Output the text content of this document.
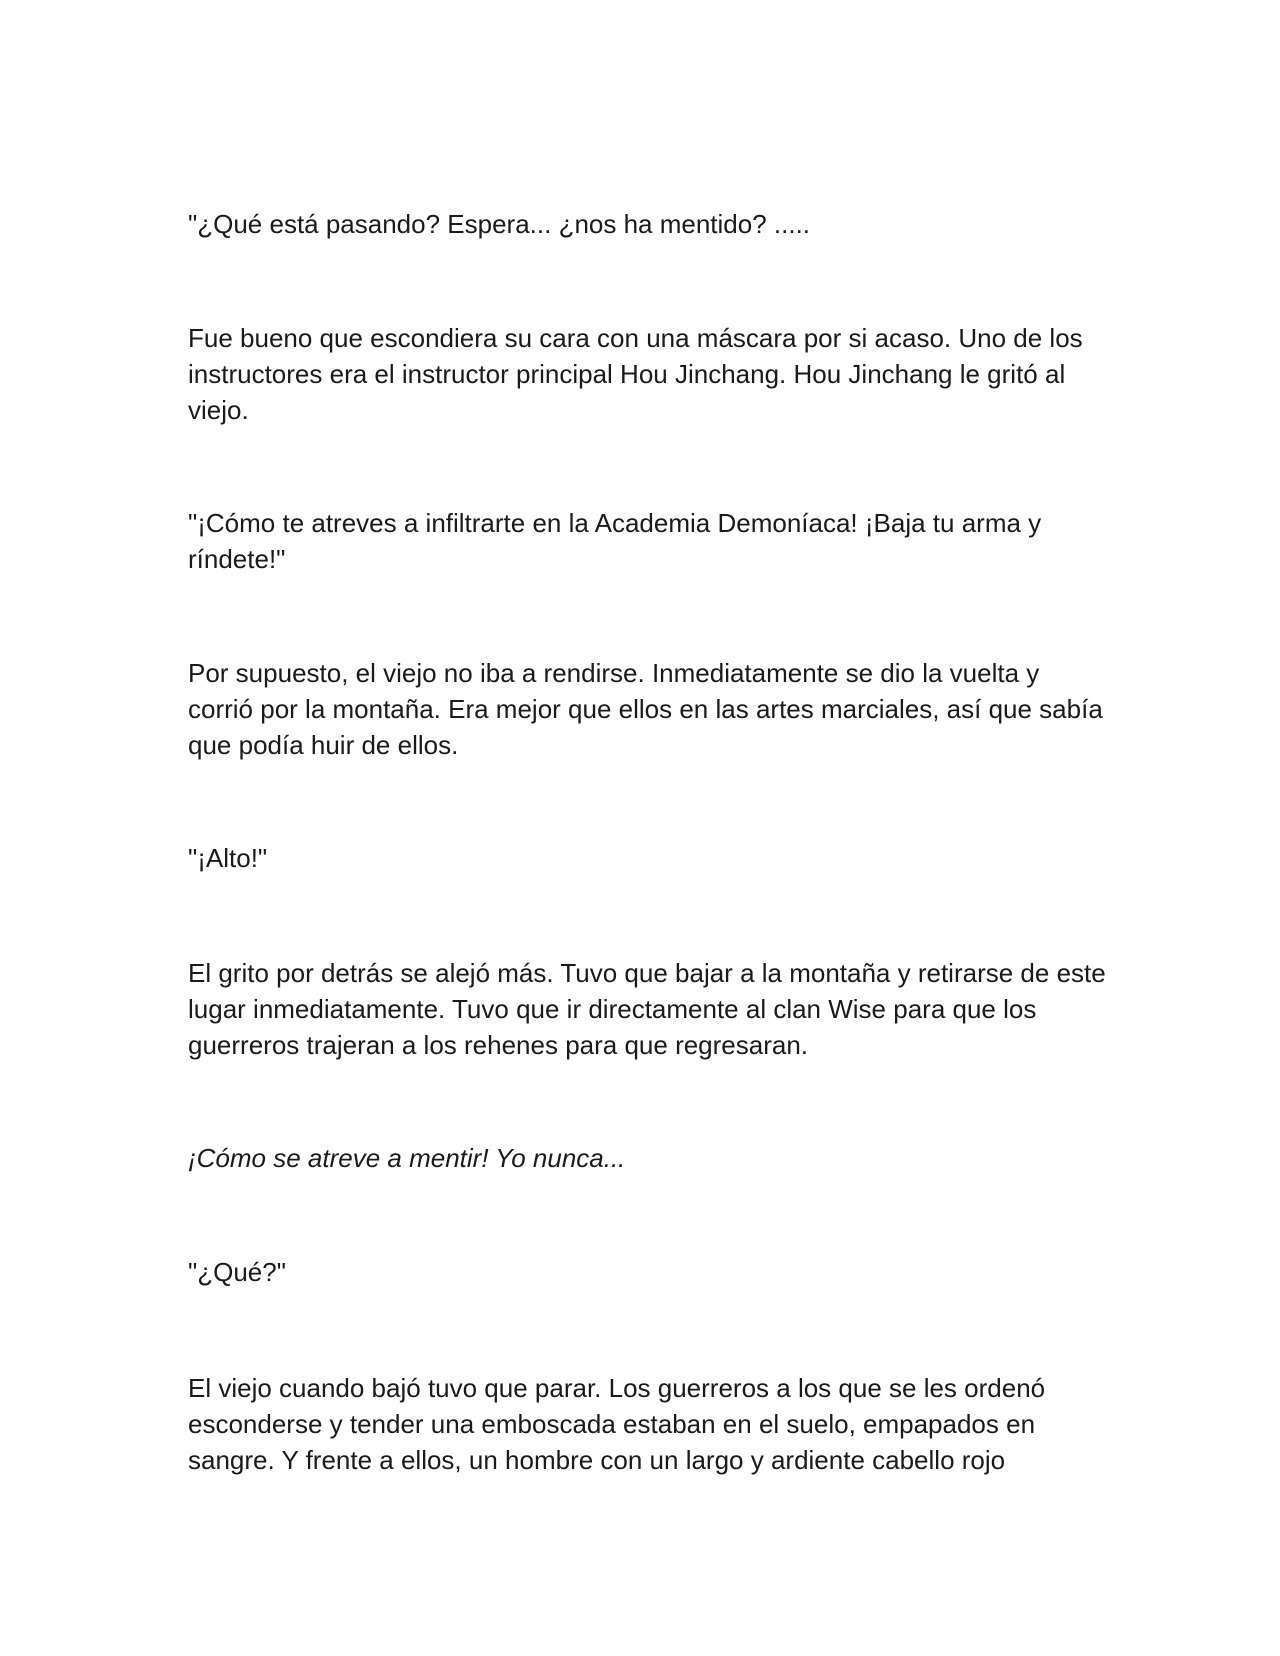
"¿Qué está pasando? Espera... ¿nos ha mentido? .....

Fue bueno que escondiera su cara con una máscara por si acaso. Uno de los instructores era el instructor principal Hou Jinchang. Hou Jinchang le gritó al viejo.

"¡Cómo te atreves a infiltrarte en la Academia Demoníaca! ¡Baja tu arma y ríndete!"

Por supuesto, el viejo no iba a rendirse. Inmediatamente se dio la vuelta y corrió por la montaña. Era mejor que ellos en las artes marciales, así que sabía que podía huir de ellos.

"¡Alto!"

El grito por detrás se alejó más. Tuvo que bajar a la montaña y retirarse de este lugar inmediatamente. Tuvo que ir directamente al clan Wise para que los guerreros trajeran a los rehenes para que regresaran.

¡Cómo se atreve a mentir! Yo nunca...

"¿Qué?"

El viejo cuando bajó tuvo que parar. Los guerreros a los que se les ordenó esconderse y tender una emboscada estaban en el suelo, empapados en sangre. Y frente a ellos, un hombre con un largo y ardiente cabello rojo
